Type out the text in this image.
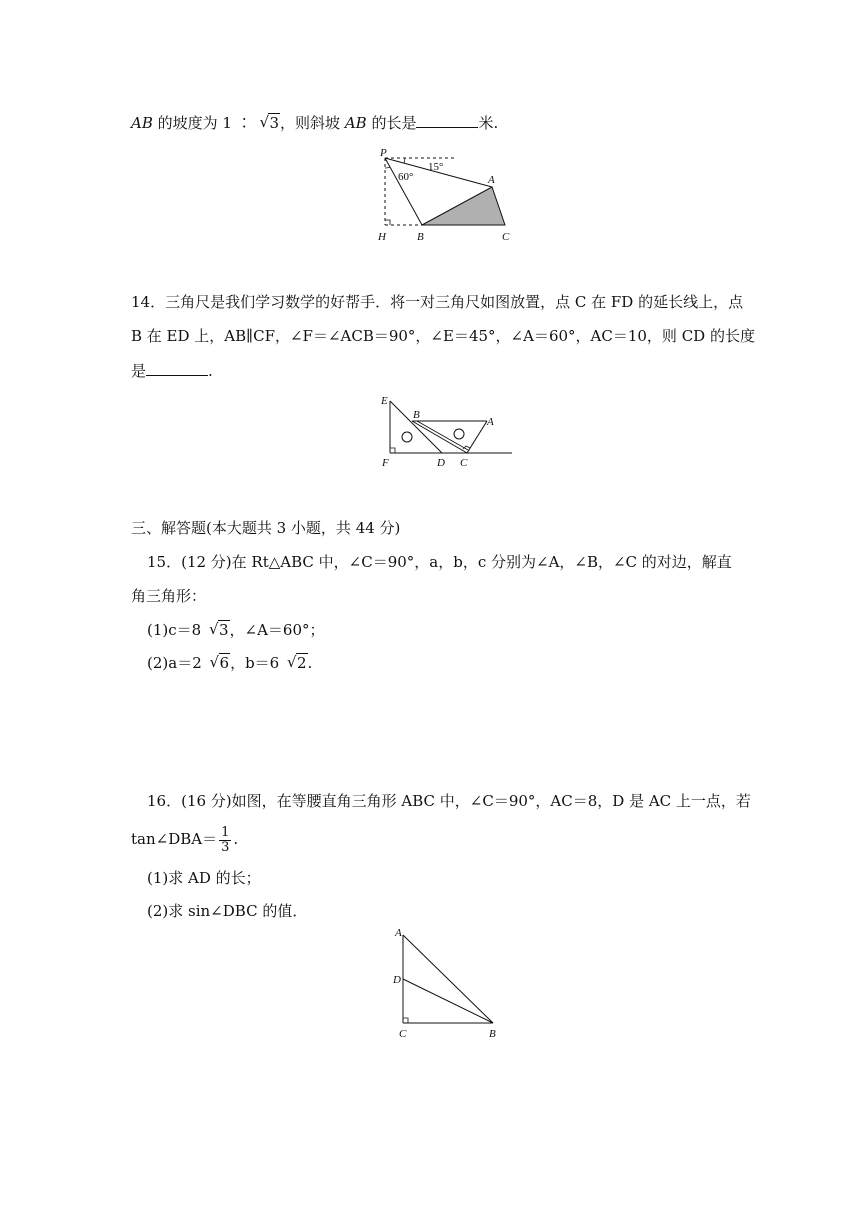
AB 的坡度为 1 ∶ √ 3，则斜坡 AB 的长是	米.
P
H	B	C
A
60°
15°
14．三角尺是我们学习数学的好帮手．将一对三角尺如图放置，点 C 在 FD 的延长线上，点
B 在 ED 上，AB∥CF，∠F＝∠ACB＝90°，∠E＝45°，∠A＝60°，AC＝10，则 CD 的长度
是	.
E
B
A
F	D C
三、解答题(本大题共 3 小题，共 44 分)
15．(12 分)在 Rt△ABC 中，∠C＝90°，a，b，c 分别为∠A，∠B，∠C 的对边，解直
角三角形：
(1)c＝8 √ 3，∠A＝60°；
(2)a＝2 √ 6，b＝6 √ 2.
16．(16 分)如图，在等腰直角三角形 ABC 中，∠C＝90°，AC＝8，D 是 AC 上一点，若
tan∠DBA＝ $\frac{1}{3}$ .
(1)求 AD 的长；
(2)求 sin∠DBC 的值．
A
D
C	B
